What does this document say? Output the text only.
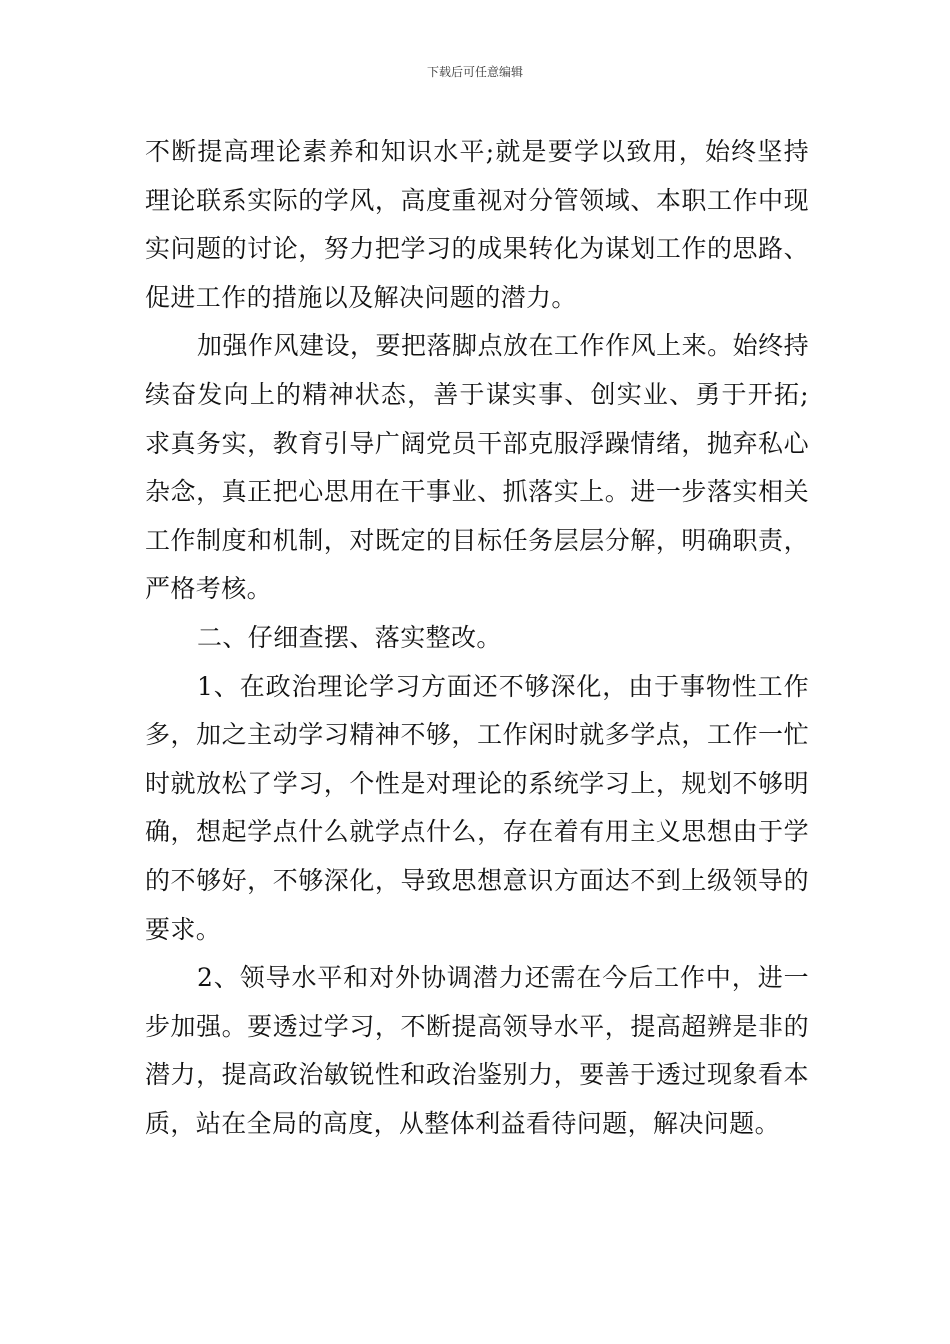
下载后可任意编辑

不断提高理论素养和知识水平;就是要学以致用，始终坚持理论联系实际的学风，高度重视对分管领域、本职工作中现实问题的讨论，努力把学习的成果转化为谋划工作的思路、促进工作的措施以及解决问题的潜力。

加强作风建设，要把落脚点放在工作作风上来。始终持续奋发向上的精神状态，善于谋实事、创实业、勇于开拓;求真务实，教育引导广阔党员干部克服浮躁情绪，抛弃私心杂念，真正把心思用在干事业、抓落实上。进一步落实相关工作制度和机制，对既定的目标任务层层分解，明确职责，严格考核。

二、仔细查摆、落实整改。

1、在政治理论学习方面还不够深化，由于事物性工作多，加之主动学习精神不够，工作闲时就多学点，工作一忙时就放松了学习，个性是对理论的系统学习上，规划不够明确，想起学点什么就学点什么，存在着有用主义思想由于学的不够好，不够深化，导致思想意识方面达不到上级领导的要求。

2、领导水平和对外协调潜力还需在今后工作中，进一步加强。要透过学习，不断提高领导水平，提高超辨是非的潜力，提高政治敏锐性和政治鉴别力，要善于透过现象看本质，站在全局的高度，从整体利益看待问题，解决问题。
